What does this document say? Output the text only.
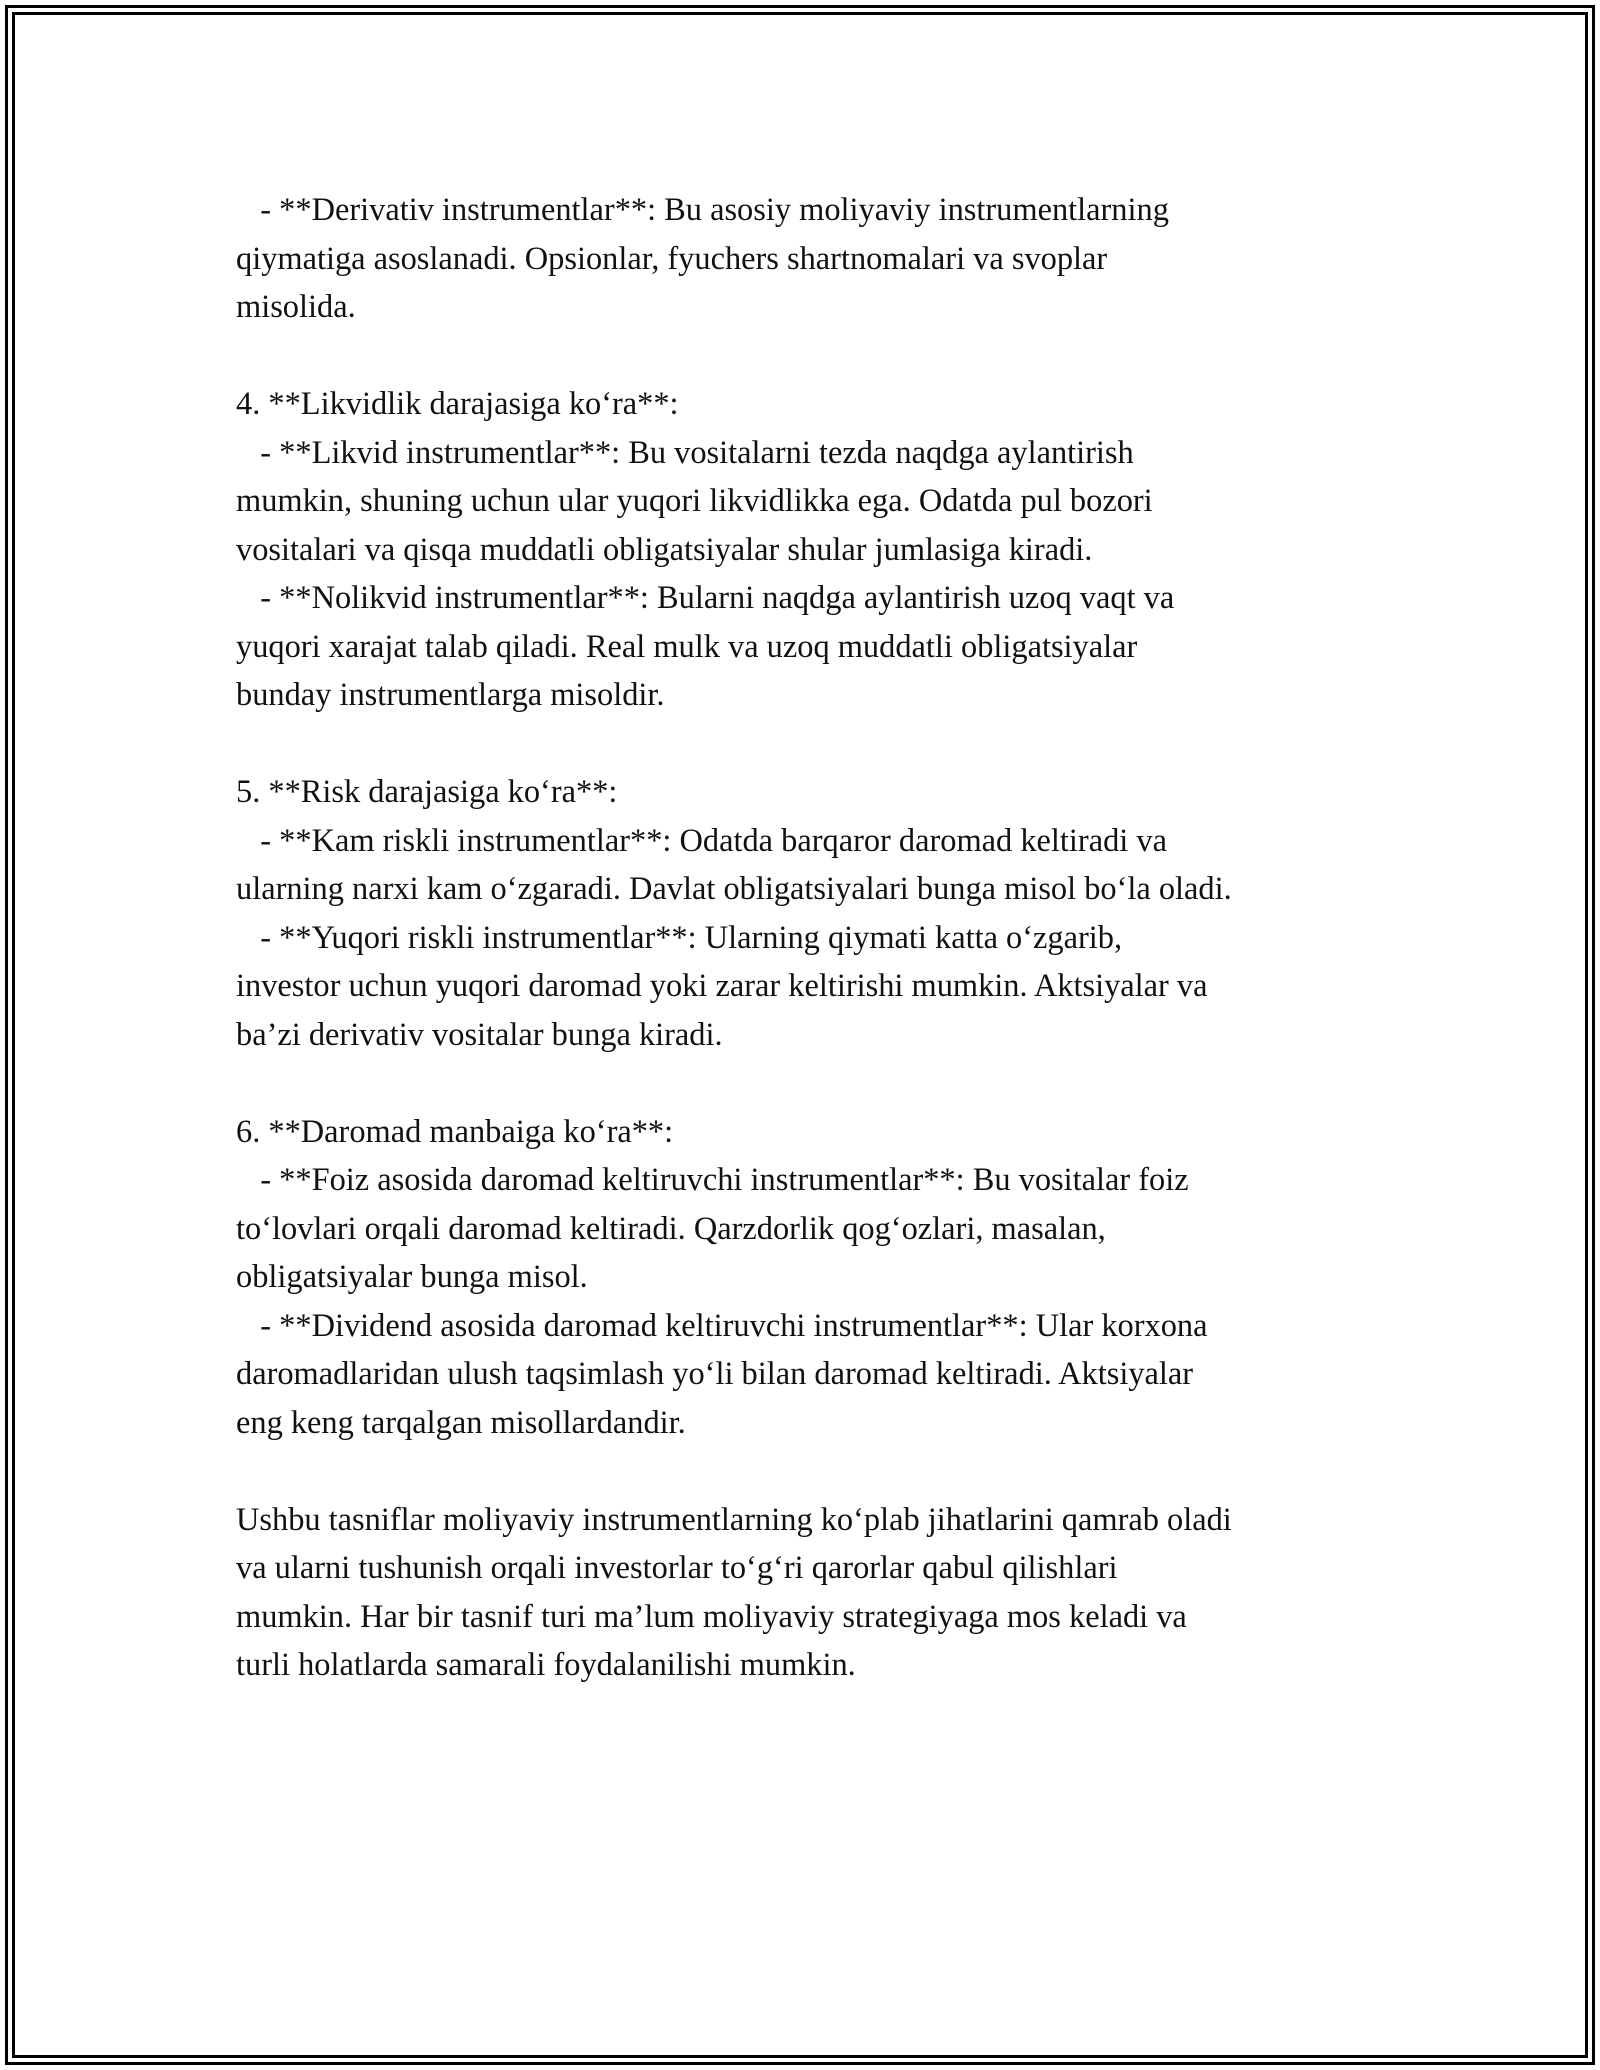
- **Derivativ instrumentlar**: Bu asosiy moliyaviy instrumentlarning
qiymatiga asoslanadi. Opsionlar, fyuchers shartnomalari va svoplar
misolida.
4. **Likvidlik darajasiga ko‘ra**:
- **Likvid instrumentlar**: Bu vositalarni tezda naqdga aylantirish
mumkin, shuning uchun ular yuqori likvidlikka ega. Odatda pul bozori
vositalari va qisqa muddatli obligatsiyalar shular jumlasiga kiradi.
- **Nolikvid instrumentlar**: Bularni naqdga aylantirish uzoq vaqt va
yuqori xarajat talab qiladi. Real mulk va uzoq muddatli obligatsiyalar
bunday instrumentlarga misoldir.
5. **Risk darajasiga ko‘ra**:
- **Kam riskli instrumentlar**: Odatda barqaror daromad keltiradi va
ularning narxi kam o‘zgaradi. Davlat obligatsiyalari bunga misol bo‘la oladi.
- **Yuqori riskli instrumentlar**: Ularning qiymati katta o‘zgarib,
investor uchun yuqori daromad yoki zarar keltirishi mumkin. Aktsiyalar va
ba’zi derivativ vositalar bunga kiradi.
6. **Daromad manbaiga ko‘ra**:
- **Foiz asosida daromad keltiruvchi instrumentlar**: Bu vositalar foiz
to‘lovlari orqali daromad keltiradi. Qarzdorlik qog‘ozlari, masalan,
obligatsiyalar bunga misol.
- **Dividend asosida daromad keltiruvchi instrumentlar**: Ular korxona
daromadlaridan ulush taqsimlash yo‘li bilan daromad keltiradi. Aktsiyalar
eng keng tarqalgan misollardandir.
Ushbu tasniflar moliyaviy instrumentlarning ko‘plab jihatlarini qamrab oladi
va ularni tushunish orqali investorlar to‘g‘ri qarorlar qabul qilishlari
mumkin. Har bir tasnif turi ma’lum moliyaviy strategiyaga mos keladi va
turli holatlarda samarali foydalanilishi mumkin.
